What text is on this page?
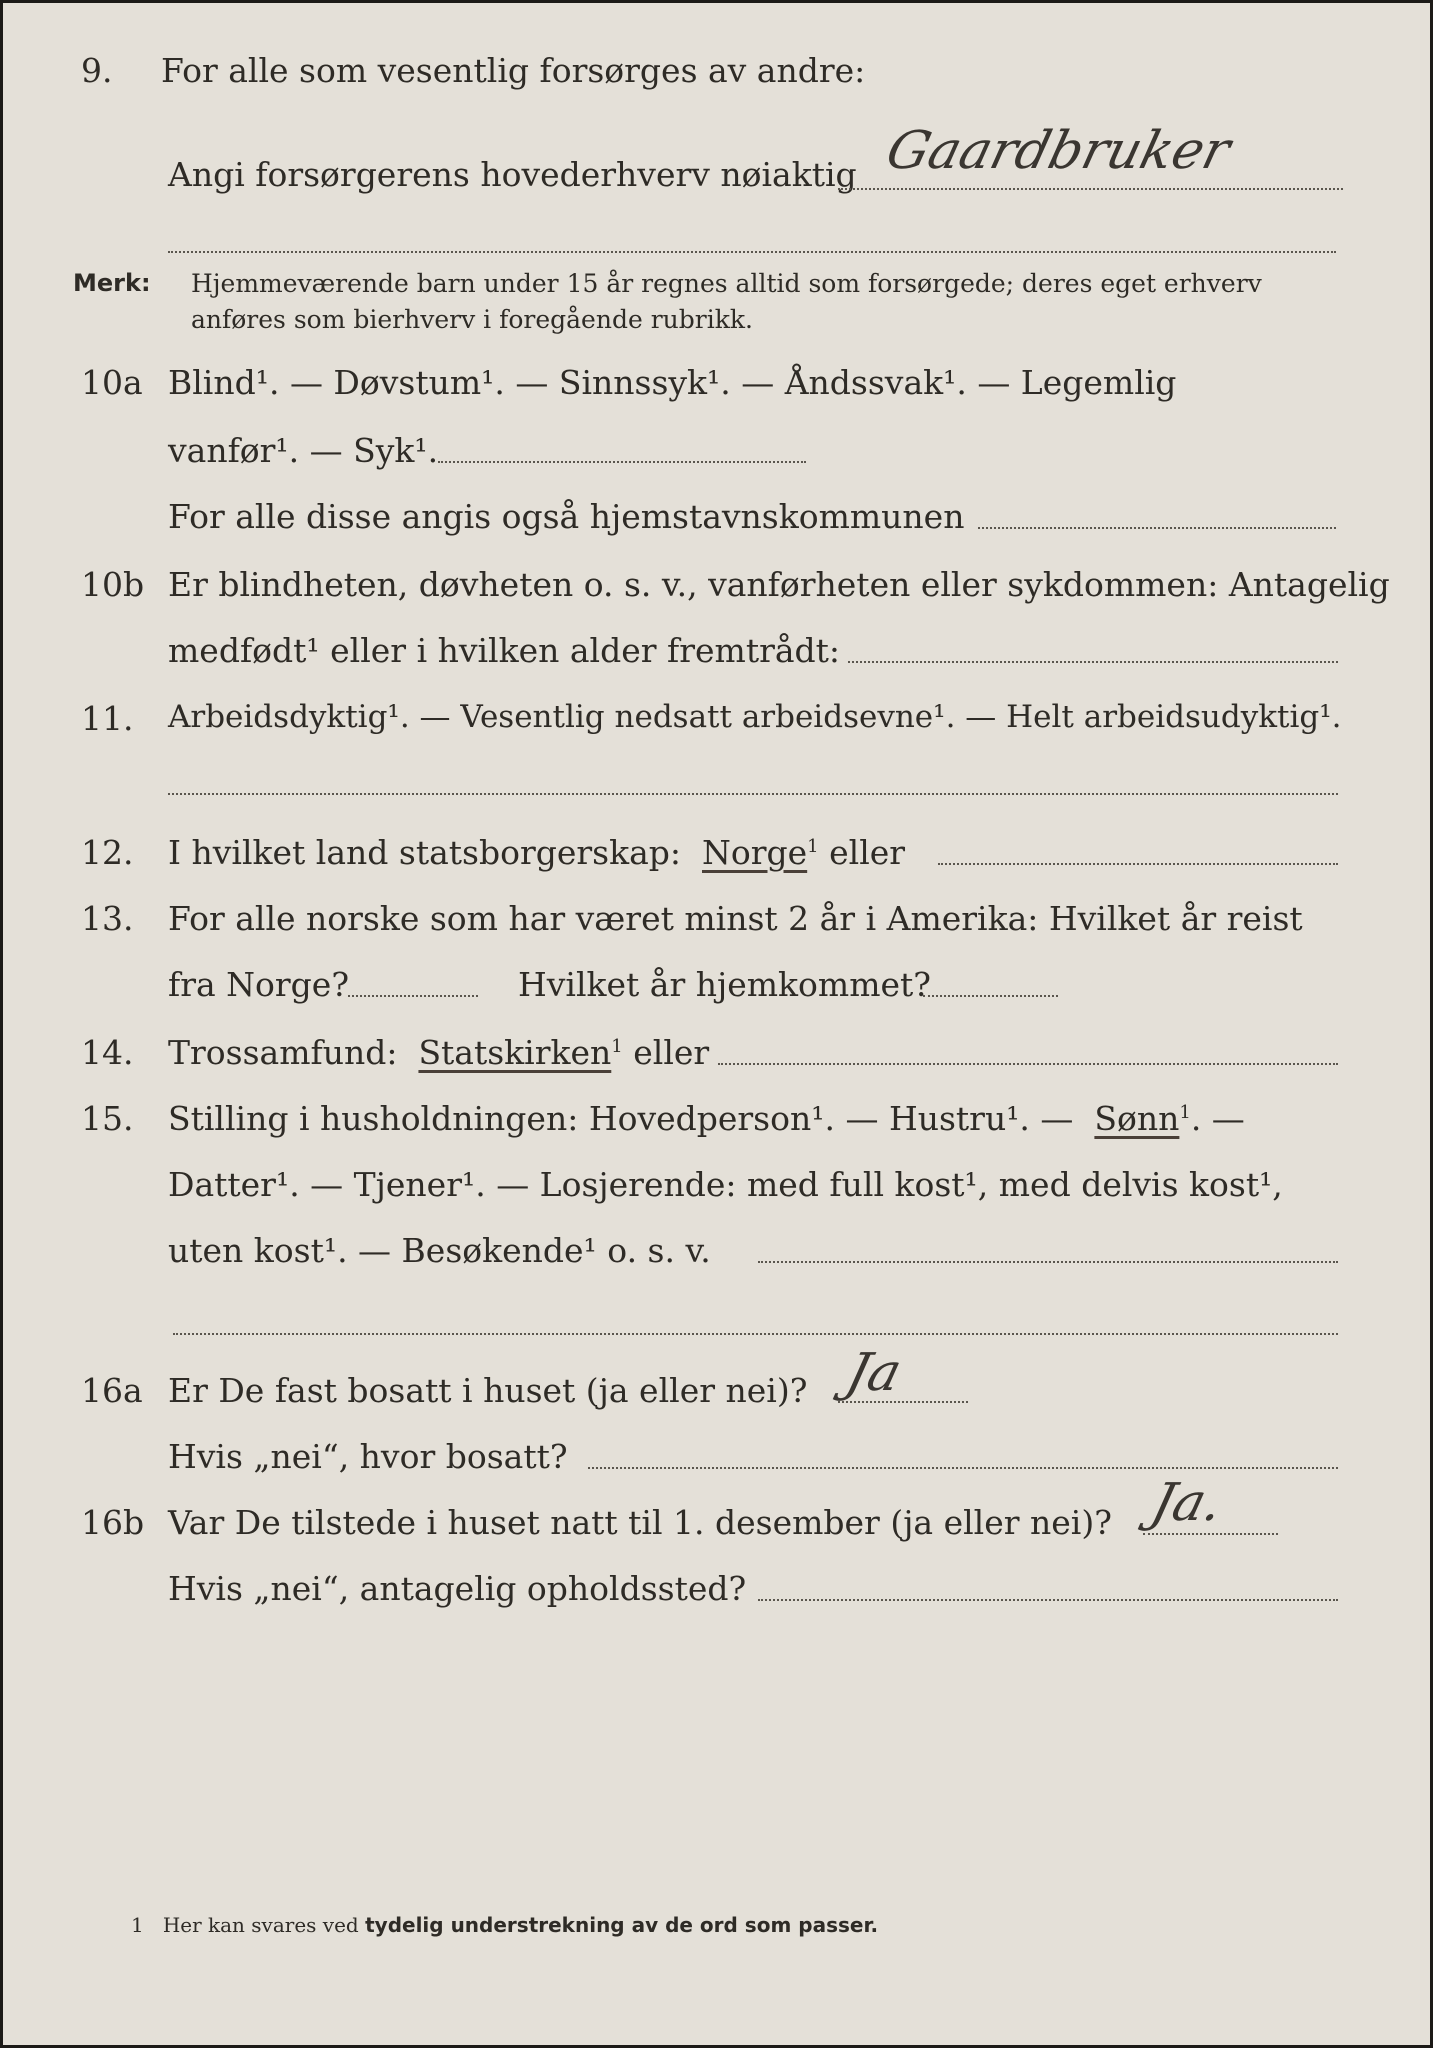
9. For alle som vesentlig forsørges av andre:
Angi forsørgerens hovederhverv nøiaktig Gaardbruker
Merk: Hjemmeværende barn under 15 år regnes alltid som forsørgede; deres eget erhverv
anføres som bierhverv i foregående rubrikk.
10a Blind¹. — Døvstum¹. — Sinnssyk¹. — Åndssvak¹. — Legemlig
vanfør¹. — Syk¹.
For alle disse angis også hjemstavnskommunen
10b Er blindheten, døvheten o. s. v., vanførheten eller sykdommen: Antagelig
medfødt¹ eller i hvilken alder fremtrådt:
11. Arbeidsdyktig¹. — Vesentlig nedsatt arbeidsevne¹. — Helt arbeidsudyktig¹.
12. I hvilket land statsborgerskap: Norge$^1$ eller
13. For alle norske som har været minst 2 år i Amerika: Hvilket år reist
fra Norge?	Hvilket år hjemkommet?
14. Trossamfund: Statskirken$^1$ eller
15. Stilling i husholdningen: Hovedperson¹. — Hustru¹. — Sønn$^1$. —
Datter¹. — Tjener¹. — Losjerende: med full kost¹, med delvis kost¹,
uten kost¹. — Besøkende¹ o. s. v.
16a Er De fast bosatt i huset (ja eller nei)? Ja
Hvis „nei“, hvor bosatt?
16b Var De tilstede i huset natt til 1. desember (ja eller nei)? Ja.
Hvis „nei“, antagelig opholdssted?
1 Her kan svares ved tydelig understrekning av de ord som passer.
